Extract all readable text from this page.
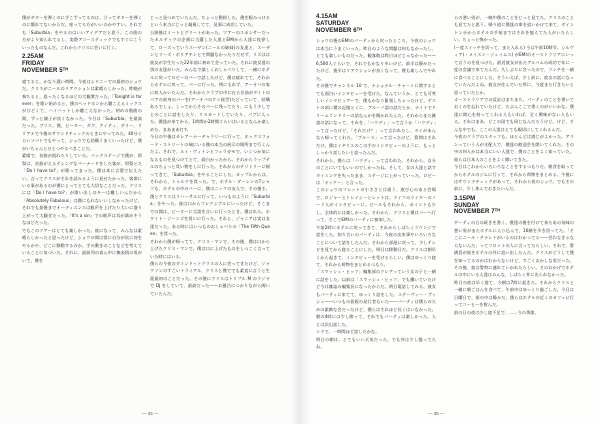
僕がギターを弾くのに手こずってるのは、立ってギターを弾くのに慣れてないからだ。座ってる方がいいのかやすい。それでも「Suburbia」をやるのはいいアイデアだと思う。この曲の方がより知られてるし、実際アコースティックでもすぐにこういったものなんだ。これからクリスに会いに行く。

2.25AM
FRIDAY
NOVEMBER 5ᵀᴴ

寝てると、かなり遅い時間。今夜はシドニーでの最初のショウだ。クリスがニールのリアクションは素晴らしかった。昨晩が奏ちると、思ったくなるほどの大観衆だった。「Tonight is forever」を歌い始めると、僕のヘッドホンから聴こえるミックスがひどくて、ハイハットしか聴こえなかった。初めの数曲の間、ずっと調子が良くなかった。今日は「Suburbia」を最高だった。ブリス、僕、ピーター、ダグ、ケイティ、ダリー、リリアナで今後のサウンドチェックのときにやってみた。40分ぐらいソバトでもやって、ショウでも結構うまくいったけど、僕がいちゃんとひとつやるべきことだ。
素晴で、首筋が流れたりしていた。バックステージで僕が、帯祭は、首筋がえるテシングなバーナードをした客が、帯祭とた「Do I have to?」が歌ってまった。僕は本に言葉で伝えたい。言ってクリスがそれを試みるように見せたかった。客席にいる事があるのが僕にとってとても大切なことだった。クリスには「Do I have to?」が歌い出しのキーは難しいんだから「Absolutely Fabulous」は僕にもれないいしなかったけど、それでも最後までオーディエンスは歓声を上げたり大いに盛り上がって大騒ぎだった。「It's a sin」での歓声は耳が満めそうなほどだった。
でもこのツアーはとても楽しかった。彼になって、みんなは素晴らしかったと思ったけど、ショウの間は常に自分が次に何をやるかや、どこに移動するのか、手の動きのことなどを考えていることに気づいた。それに、最前列の真ん中に無表情の男がいて、僕を

じっと見つめていたんだ。ちょっと動揺した。僕を睨みつけるという本当にじっと凝視してて、見事に成功していた。
公演後はミートとグリートがあった。ツアーのスポンサーだったカルテックの企画に当選した人達とEMIから人達に挨拶して、ローズっていうスーザン(ニールの姉妹)の友達と、スーザンとリーズ・ボリアチンとで問題なかったりだせず、リズはは彼女が学生だった22年前に初めて会っていた。それに彼女達の別の友達がいた。みんなで楽しくおしゃべりして、一緒にホテルに戻ってロビーのバーで話したけど、僕は疲れてて、それからホテルに戻って、バーに行った。例にもれず、アーオバの家に何人かいたんだ。それからクラブの中に在る名前がデイトのバアの前身のバーを(アーオバのケン経営)たどっていて、結構あるでしょ。しってからそのバーに残ってたり、にもう少しでとのことに話をしたり、リスカートしていたり、パブに入った。僕達が来てから、1時間か2時間ぐらいはいるとなんか楽しめた、まあまあ打ち
今日の午後はカレアーナーギャラリーに行って、ホックスフォード・ストリートの端にいる僕の本当の展示の場所まで行くんだよ。それで、ルイ・ヴィトンとフェラガモで、いくつか気になるものを見つけてとて、面白かったから。それからラップテルのちょっと買い物をしに行った。それからのテリトリーに帰ってきて、「Suburbia」をやることにした。カップルからは、それから、トゥルクを買った。で、ホテル・ダーレンのTシャツも、ホテルの中のバーに、僕のニックの友人で、その後そ。僕とクリスはリハーサルに行って、いつものように「Suburbia」をやった。彼は口からフレクシブルにいったけど、そこまでの間は、ピーターに冗談を言いに行ったとき、僕はれた。ホワイト・ジーンズを買いに行った。それと、ジャニアは実は友達だった。ある時にはいつものおしゃべりの「The Fifth Queen」を買った。
それから僕が帰ってて、クリス・マンで、その後、僕は口から上げたクリス・マンで。僕は口に上げたものをしつこく言っていた時にはいる。
僕らの今夜のダインドットクラスの人に会ってきたけど、ジャクソンのすごいトライアル、クリスと僕ででも素直に言うと生涯最初のことだった。その後にクリスはトリプル M のラジオで DJ をしていて、最高だった——お風呂につかりながら聞いていたんだ。

— 34 —
4.15AM
SATURDAY
NOVEMBER 6ᵀᴴ

ショウの後のEMIのパーティから戻ったところ。今夜のショウは本当にうまくいった。昨日のような問題は何もなかったし、とても楽しいものだった。観客数は昨日ほどじゃなかった——6,500人ぐらいで、それでもかなり多いけど。前半は静かだったけど、後半はリアクションが良くなって、僕も楽しんでやれた。
その後でチャンネル 10 で、ナショナル・チャートに関するとても面白いインタビューを受けた。なんていうか、とても可笑しいインタビュアーで、僕もかなり緊張しちゃったけど、ゲストの頃に僕の記憶とくに、ブルーノ語の話だとか、ナイトでドリームランドリーの話なんかを聞かれたんだ。それからまた雑談の話になって、それを、「ハウディ」って言うか「ハウディ」って言ったけど、「それだけ？」って言われたし、タイがあんなら帰ってくれた。「ブルース」って言ったけど、質問はそれだけ。僕はイギリスのこの手のインタビューのように、もっとしっかり話したいと思ったんだ。
それから、僕らは「ハウディ」って言われた。それから、自分のことにいてもいいのでしかったね。そして、女の人達と話すタイミングを失ったまま、ステージに上がっていった。ロビーは「オッケー」と言った。
このショウのフレットの小ささとは違う、遊び心のある会場で、ロジャーとトレイシーとレットは、ドイツのライターのノーラ人がインタビューに。ビールもそれから、ポイントも少し。全体的には楽しかった。それから、クリスと僕はバーへ行って、そこでEMIのパーティに参加した。
午前2時にホテルに戻ってきて、それからしばらくラウンジで話をした。知り合いのパーティは、今夜の出来事やいろいろなことについて話をしたんだ。それから部屋に戻って、少しテレビを見てから寝ることにした。明日は移動日だ。クリスは朝早くから起きて、インタビューを受けるらしい。僕はゆっくり寝て、それから荷物をまとめるつもり。
「スマッシュ・ヒッツ」編集部のクレアっていう女の子と一緒に話をした。以前は「スマッシュ・ヒッツ」でも働いていたけど今は雑誌の編集長になったからだ。明日電話してみる。彼女もパーティに来てて、ゆっくり話をした。ステーヴィー・ブッシュ——いつもの看板の発行者もいた——パーティは僕らのための素敵な会だったけど、僕らはそれほど長くはいなかった。朝の4時には少し酔って、それでもパーティは楽しかった。人とは沢山話した。

ンドで、一時間ほど話したかな。
明日の朝は、とてもいい天気だった。でも外は少し曇ってたね。

らの悪い男が、一晩中僕のことをじっと見てた。クリスのことも見てたと思う。帰り道に僕達の車を追いかけて来て、ダイントンポからホテルの手前まではそれを憶えてた人がいたらしい。ちょっと怖かった。
(ー度スイッチを切って、また入れる) 今は午前10時半。シルヴィア(・メイスン・ジェイムス) がEMIのオーストラリアにいって言うのを見つけた。最近彼女が出たアルバムの成功で年に一度の会議で来てたんだ。久しぶりに会ったので、ランチを一緒に食べることにした。そういえば、少し前に、彼女の話になっていたんだよね。彼女が住んでいた所に、今度また行きたいと思っていたとか。
オーストラリアでの反応はまちまち。パーティのことを書いておくのを忘れていたけど、たぶんここで書くのがいいかな。僕達に関心を持ってくれる人もいれば、全く興味がない人もいる。それはまあ、どこの国でも同じなんだろうけど。けど、そんな中でも、ここの人達はとても親切にしてくれるんだ。
今夜のクラブのスタッフも、ほとんどは感じがよかった。アランっていう人が支配人で、僕達の歓迎会を開いてくれた。その中の何人かは本当にいい人達で、僕のことをよく知っていた。彼らは日本人のことをよく聞いてきた。
今日はこれからいろいろなことをするつもりだ。朝食を取ってからホテルのジムに行って、それから荷物をまとめる。午後にはサウンドチェックがあって、それから夜のショウ。でもその前に、少し休んでおきたいんだ。

3.15PM
SUNDAY
NOVEMBER 7ᵀᴴ

ゲーティの日の続きを書く。僕達の後を付けて来たあの気味の悪い男がまたホテルに入り込んで、16階を歩き回ってた。「そこにニール・テナントがいるのはわかってる——会わなきゃならないんだ」ってフロントの人に言ってたらしい。それで、警備員が彼をホテルの外に追い出したんだ。クリスがどうして僕を知ってるのかはわからないけど、すごくおかしな男だった。その後、彼は警察に連れていかれたらしい。そのおかげでホテルの中にいる人達はみんな、しばらく外に出られなかった。
昨日の夜は早く寝て、今朝は7時に起きた。それからクリスと一緒に朝ごはんを食べて、午前中はゆっくり過ごした。今日は日曜日で、街の中は静かだ。僕らはホテルの近くのカフェに行ってコーヒーを飲んだ。
前の日の夜は少し寝不足で、……今の季節。

— 35 —
